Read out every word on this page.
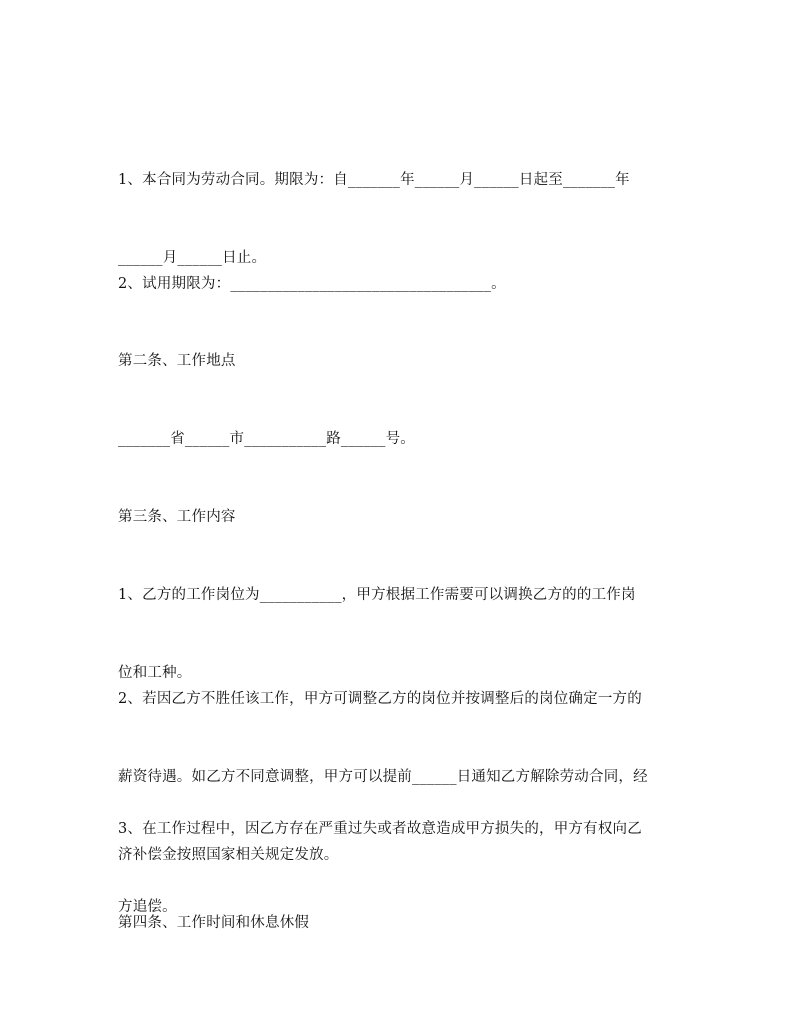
1、本合同为劳动合同。期限为：自_______年______月______日起至_______年

______月______日止。

2、试用期限为：___________________________________。

第二条、工作地点

_______省______市___________路______号。

第三条、工作内容

1、乙方的工作岗位为___________，甲方根据工作需要可以调换乙方的的工作岗

位和工种。

2、若因乙方不胜任该工作，甲方可调整乙方的岗位并按调整后的岗位确定一方的

薪资待遇。如乙方不同意调整，甲方可以提前______日通知乙方解除劳动合同，经

济补偿金按照国家相关规定发放。

3、在工作过程中，因乙方存在严重过失或者故意造成甲方损失的，甲方有权向乙

方追偿。

第四条、工作时间和休息休假
